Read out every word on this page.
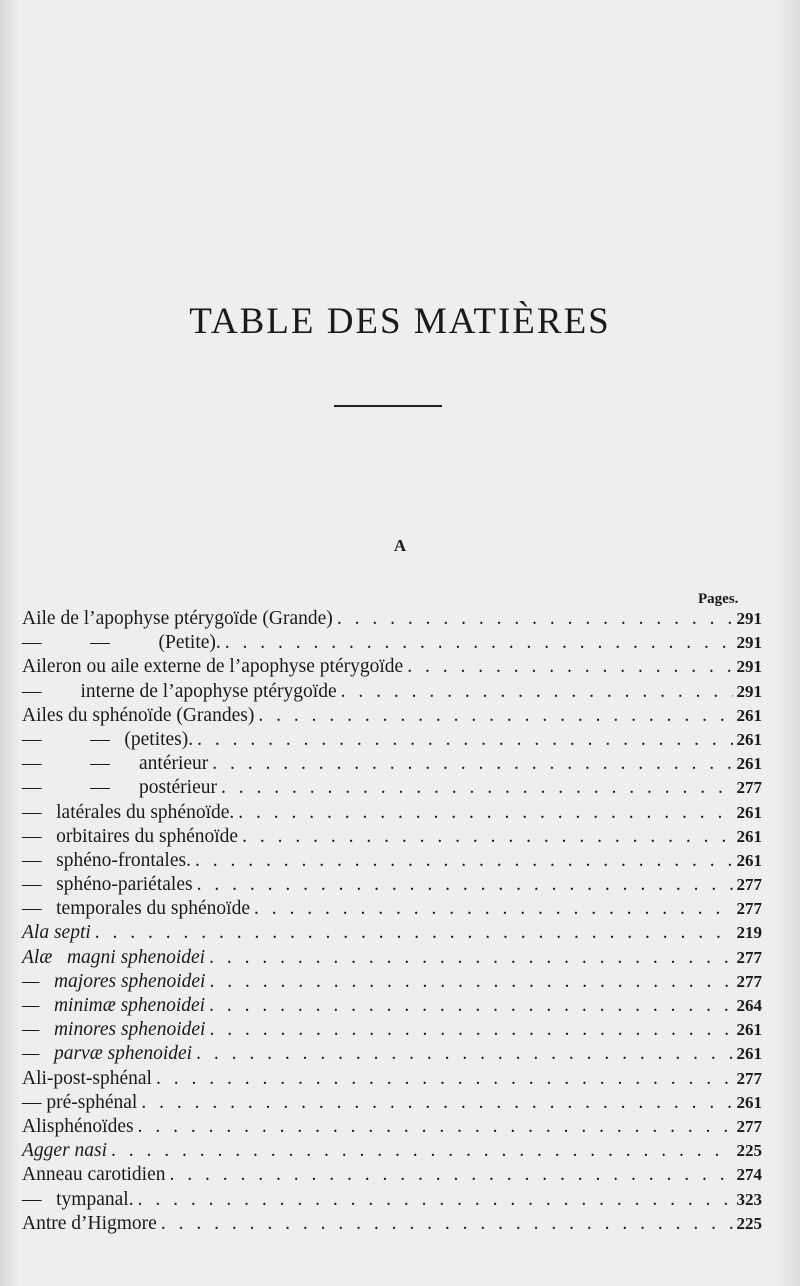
TABLE DES MATIÈRES
A
Pages.
Aile de l’apophyse ptérygoïde (Grande) . . .	291
—          —          (Petite). . . .	291
Aileron ou aile externe de l’apophyse ptérygoïde . . .	291
—        interne de l’apophyse ptérygoïde . . .	291
Ailes du sphénoïde (Grandes) . . .	261
—          —   (petites). . . .	261
—          —      antérieur . . .	261
—          —      postérieur . . .	277
—   latérales du sphénoïde. . . .	261
—   orbitaires du sphénoïde . . .	261
—   sphéno-frontales. . . .	261
—   sphéno-pariétales . . .	277
—   temporales du sphénoïde . . .	277
Ala septi . . .	219
Alæ   magni sphenoidei . . .	277
—   majores sphenoidei . . .	277
—   minimæ sphenoidei . . .	264
—   minores sphenoidei . . .	261
—   parvæ sphenoidei . . .	261
Ali-post-sphénal . . .	277
— pré-sphénal . . .	261
Alisphénoïdes . . .	277
Agger nasi . . .	225
Anneau carotidien . . .	274
—   tympanal. . . .	323
Antre d’Higmore . . .	225
